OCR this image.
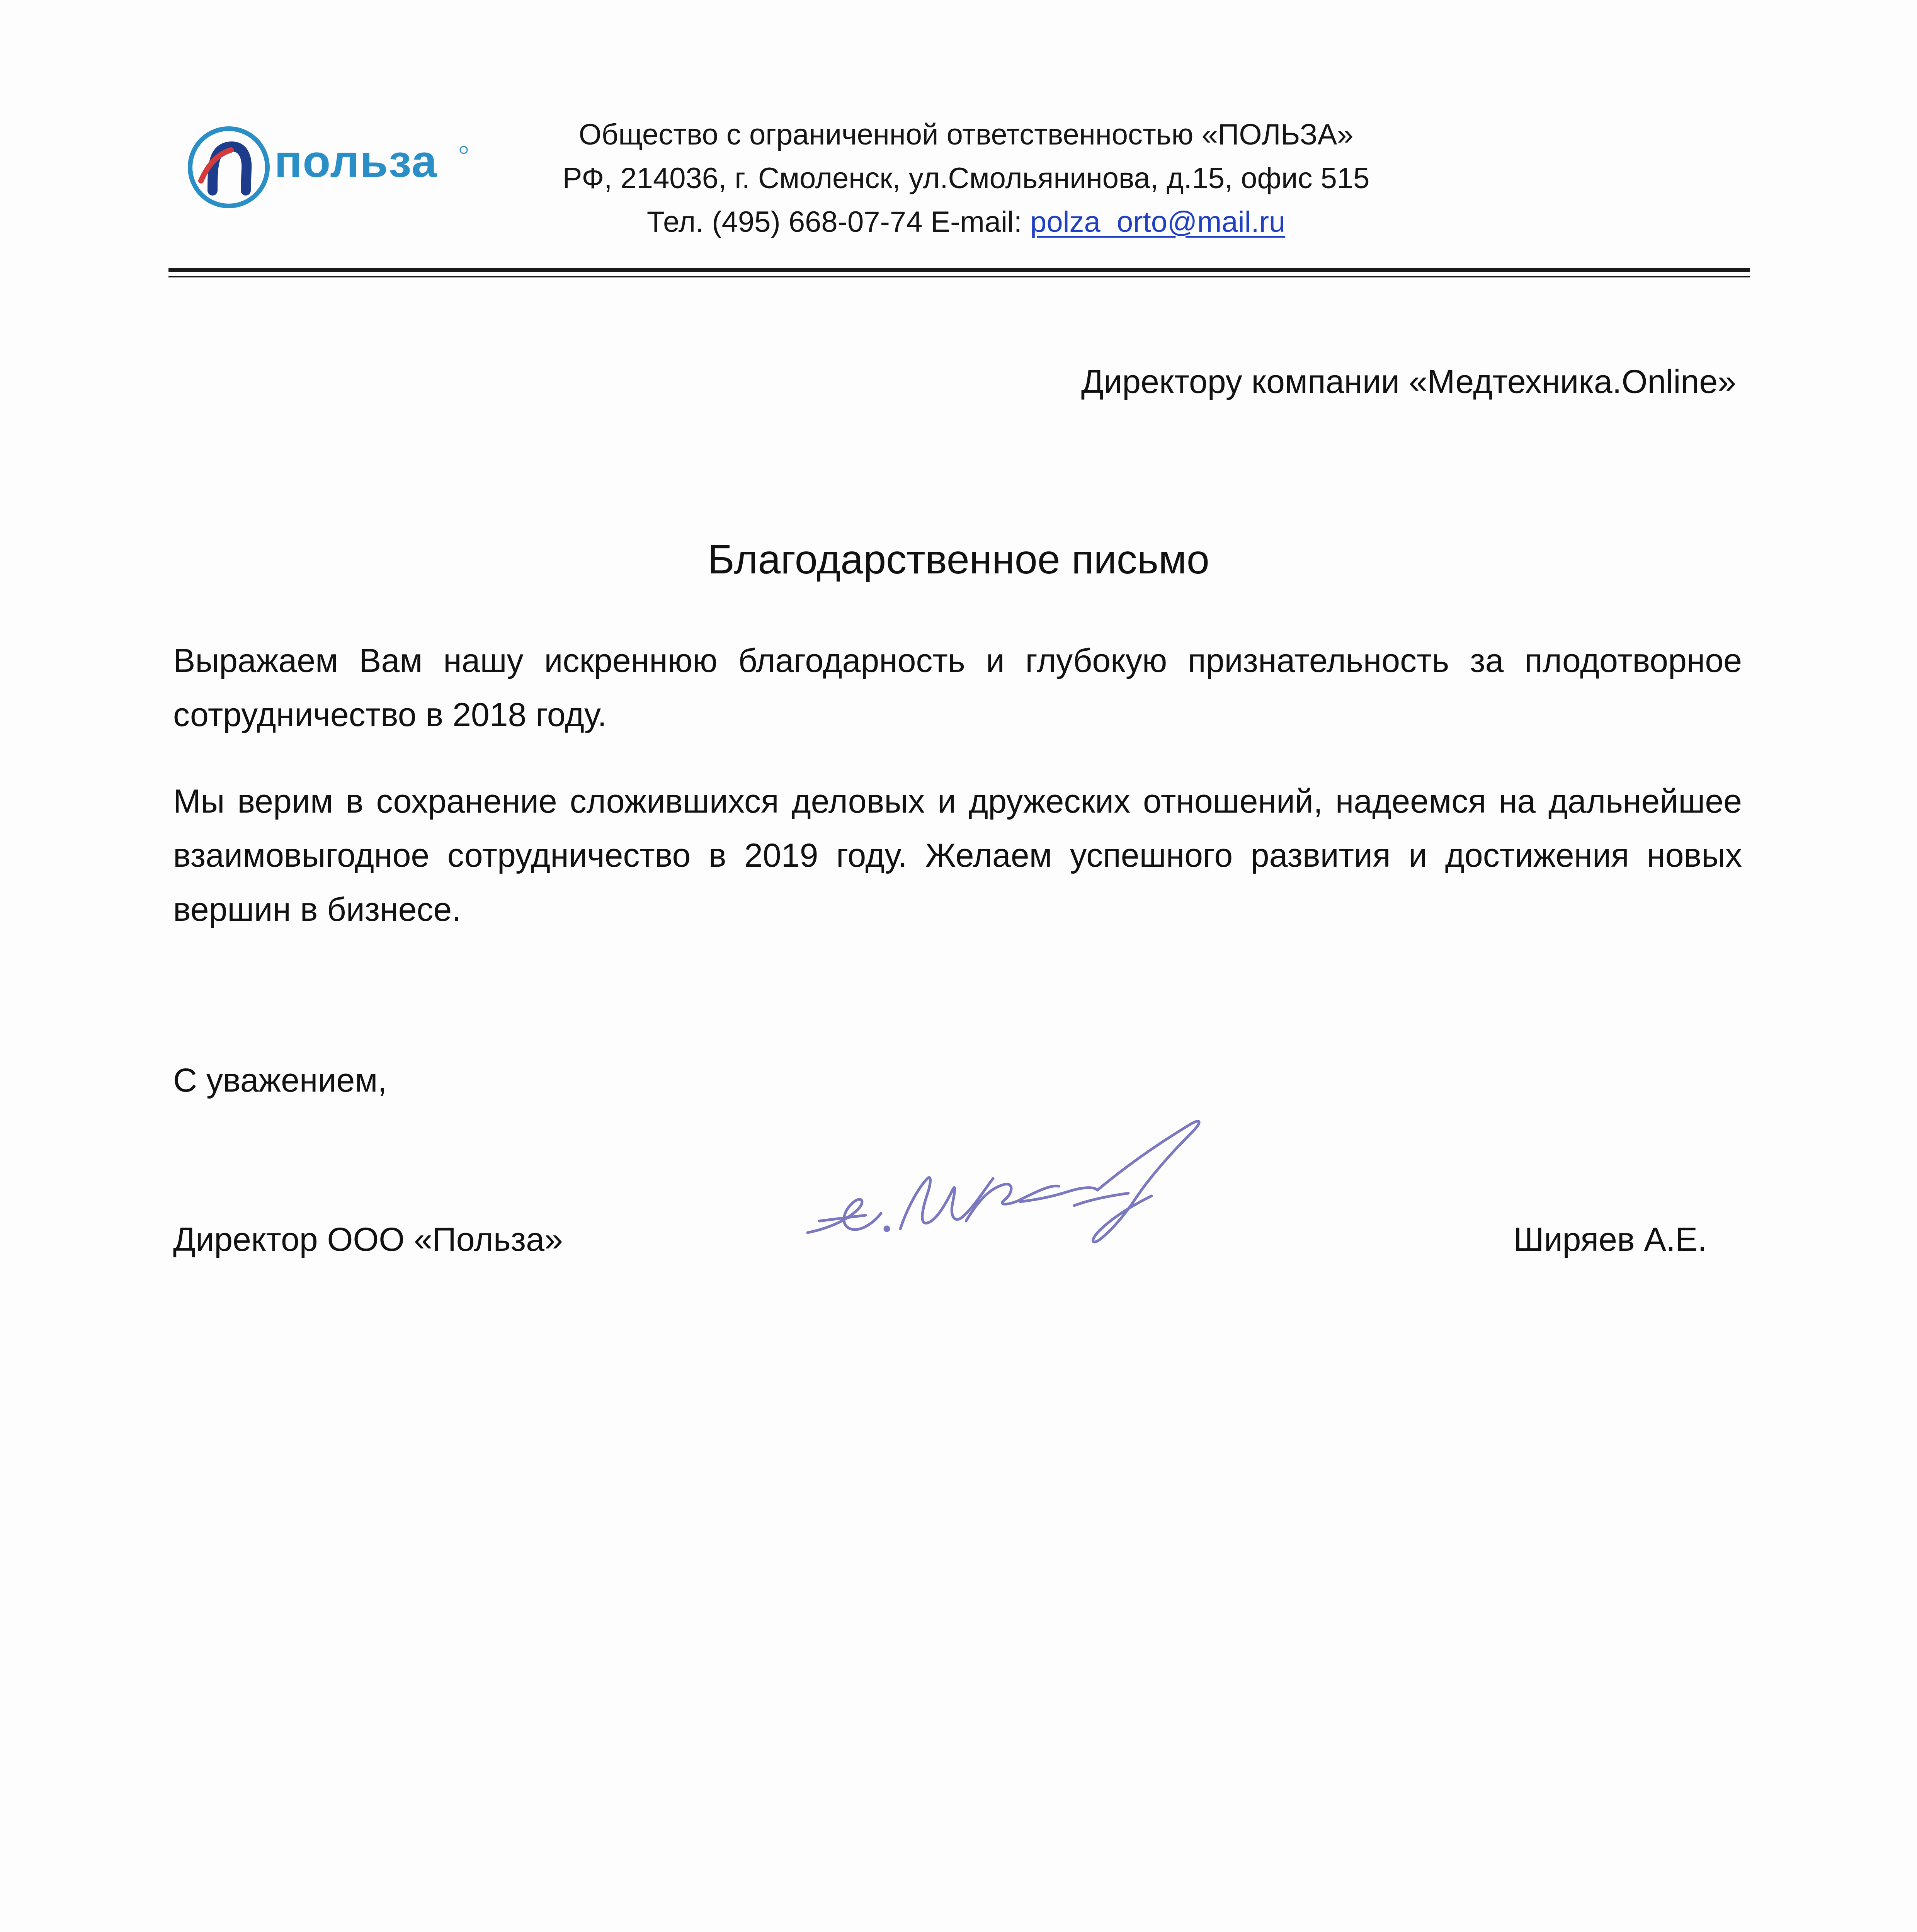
польза
Общество с ограниченной ответственностью «ПОЛЬЗА»
РФ, 214036, г. Смоленск, ул.Смольянинова, д.15, офис 515
Тел. (495) 668-07-74 E-mail: polza_orto@mail.ru
Директору компании «Медтехника.Online»
Благодарственное письмо
Выражаем Вам нашу искреннюю благодарность и глубокую признательность за плодотворное сотрудничество в 2018 году.
Мы верим в сохранение сложившихся деловых и дружеских отношений, надеемся на дальнейшее взаимовыгодное сотрудничество в 2019 году. Желаем успешного развития и достижения новых вершин в бизнесе.
С уважением,
Директор ООО «Польза»	Ширяев А.Е.
